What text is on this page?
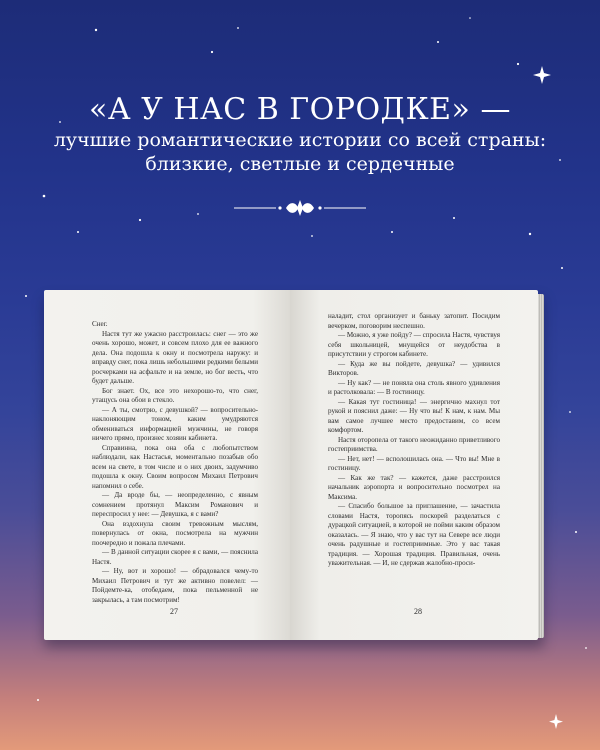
«А У НАС В ГОРОДКЕ» —
лучшие романтические истории со всей страны:
близкие, светлые и сердечные

Снег.

Настя тут же ужасно расстроилась: снег — это же очень хорошо, может, и совсем плохо для ее важного дела. Она подошла к окну и посмотрела наружу: и вправду снег, пока лишь небольшими редкими белыми росчерками на асфальте и на земле, но бог весть, что будет дальше.

Бог знает. Ох, все это нехорошо-то, что снег, утащусь она обои в стекло.

— А ты, смотрю, с девушкой? — вопросительно-наклоняющим тоном, каким умудряются обмениваться информацией мужчины, не говоря ничего прямо, произнес хозяин кабинета.

Справинна, пока она оба с любопытством наблюдали, как Настасья, моментально позабыв обо всем на свете, в том числе и о них двоих, задумчиво подошла к окну. Своим вопросом Михаил Петрович напомнил о себе.

— Да вроде бы, — неопределенно, с явным сомнением протянул Максим Романович и переспросил у нее: — Девушка, я с вами?

Она вздохнула своим тревожным мыслям, повернулась от окна, посмотрела на мужчин поочередно и пожала плечами.

— В данной ситуации скорее я с вами, — пояснила Настя.

— Ну, вот и хорошо! — обрадовался чему-то Михаил Петрович и тут же активно повелел: — Пойдемте-ка, отобедаем, пока пельменной не закрылась, а там посмотрим!

27

наладит, стол организует и баньку затопит. Посидим вечерком, поговорим неспешно.

— Можно, я уже пойду? — спросила Настя, чувствуя себя школьницей, мнущейся от неудобства в присутствии у строгом кабинете.

— Куда же вы пойдете, девушка? — удивился Викторов.

— Ну как? — не поняла она столь явного удивления и растолковала: — В гостиницу.

— Какая тут гостиница! — энергично махнул тот рукой и пояснил даже: — Ну что вы! К нам, к нам. Мы вам самое лучшее место предоставим, со всем комфортом.

Настя оторопела от такого неожиданно приветливого гостеприимства.

— Нет, нет! — всполошилась она. — Что вы! Мне в гостиницу.

— Как же так? — кажется, даже расстроился начальник аэропорта и вопросительно посмотрел на Максима.

— Спасибо большое за приглашение, — зачастила словами Настя, торопясь поскорей разделаться с дурацкой ситуацией, в которой не пойми каким образом оказалась. — Я знаю, что у вас тут на Севере все люди очень радушные и гостеприимные. Это у вас такая традиция. — Хорошая традиция. Правильная, очень уважительная. — И, не сдержав жалобно-проси-

28
